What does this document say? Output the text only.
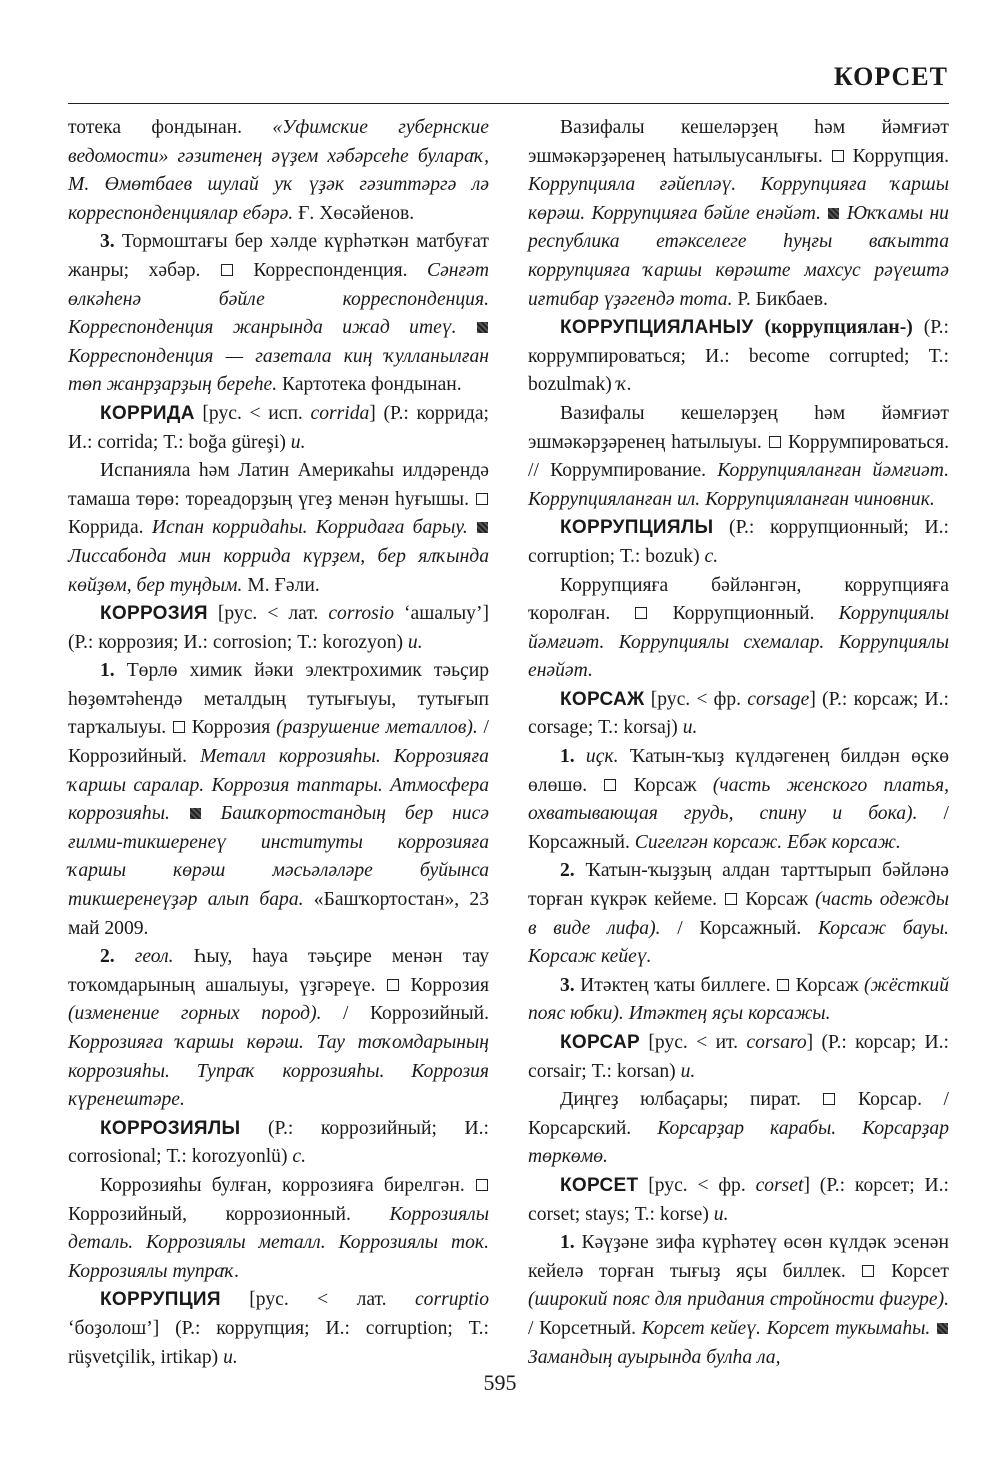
КОРСЕТ

тотека фондынан. «Уфимские губернские ведомости» гәзитенең әүҙем хәбәрсеһе булараҡ, М. Өмөтбаев шулай уҡ үҙәк гәзиттәргә лә корреспонденциялар ебәрә. Ғ. Хөсәйенов.

3. Тормоштағы бер хәлде күрһәткән матбуғат жанры; хәбәр.  Корреспонденция. Сәнғәт өлкәһенә бәйле корреспонденция. Корреспонденция жанрында ижад итеү.  Корреспонденция — газетала киң ҡулланылған төп жанрҙарҙың береһе. Картотека фондынан.

КОРРИДА [рус. < исп. corrida] (Р.: коррида; И.: corrida; Т.: boğa güreşi) и.

Испанияла һәм Латин Америкаһы илдәрендә тамаша төрө: тореадорҙың үгеҙ менән һуғышы.  Коррида. Испан корридаһы. Корридаға барыу.  Лиссабонда мин коррида күрҙем, бер ялҡында көйҙөм, бер туңдым. М. Ғәли.

КОРРОЗИЯ [рус. < лат. corrosio ‘ашалыу’] (Р.: коррозия; И.: corrosion; Т.: korozyon) и.

1. Төрлө химик йәки электрохимик тәьҫир һөҙөмтәһендә металдың тутығыуы, тутығып тарҡалыуы.  Коррозия (разрушение металлов). / Коррозийный. Металл коррозияһы. Коррозияға ҡаршы саралар. Коррозия таптары. Атмосфера коррозияһы.  Башҡортостандың бер нисә ғилми-тикшеренеү институты коррозияға ҡаршы көрәш мәсьәләләре буйынса тикшеренеүҙәр алып бара. «Башҡортостан», 23 май 2009.

2. геол. Һыу, һауа тәьҫире менән тау тоҡомдарының ашалыуы, үҙгәреүе.  Коррозия (изменение горных пород). / Коррозийный. Коррозияға ҡаршы көрәш. Тау тоҡомдарының коррозияһы. Тупраҡ коррозияһы. Коррозия күренештәре.

КОРРОЗИЯЛЫ (Р.: коррозийный; И.: corrosional; Т.: korozyonlü) с.

Коррозияһы булған, коррозияға бирелгән.  Коррозийный, коррозионный. Коррозиялы деталь. Коррозиялы металл. Коррозиялы ток. Коррозиялы тупраҡ.

КОРРУПЦИЯ [рус. < лат. corruptio ‘боҙолош’] (Р.: коррупция; И.: corruption; Т.: rüşvetçilik, irtikap) и.

Вазифалы кешеләрҙең һәм йәмғиәт эшмәкәрҙәренең һатылыусанлығы.  Коррупция. Коррупцияла ғәйепләү. Коррупцияға ҡаршы көрәш. Коррупцияға бәйле енәйәт.  Юҡҡамы ни республика етәкселеге һуңғы ваҡытта коррупцияға ҡаршы көрәште махсус рәүештә иғтибар үҙәгендә тота. Р. Бикбаев.

КОРРУПЦИЯЛАНЫУ (коррупциялан-) (Р.: коррумпироваться; И.: become corrupted; Т.: bozulmak) ҡ.

Вазифалы кешеләрҙең һәм йәмғиәт эшмәкәрҙәренең һатылыуы.  Коррумпироваться. // Коррумпирование. Коррупцияланған йәмғиәт. Коррупцияланған ил. Коррупцияланған чиновник.

КОРРУПЦИЯЛЫ (Р.: коррупционный; И.: corruption; Т.: bozuk) с.

Коррупцияға бәйләнгән, коррупцияға ҡоролған.  Коррупционный. Коррупциялы йәмғиәт. Коррупциялы схемалар. Коррупциялы енәйәт.

КОРСАЖ [рус. < фр. corsage] (Р.: корсаж; И.: corsage; Т.: korsaj) и.

1. иҫк. Ҡатын-ҡыҙ күлдәгенең билдән өҫкө өлөшө.  Корсаж (часть женского платья, охватывающая грудь, спину и бока). / Корсажный. Сигелгән корсаж. Ебәк корсаж.

2. Ҡатын-ҡыҙҙың алдан тарттырып бәйләнә торған күкрәк кейеме.  Корсаж (часть одежды в виде лифа). / Корсажный. Корсаж бауы. Корсаж кейеү.

3. Итәктең ҡаты биллеге.  Корсаж (жёсткий пояс юбки). Итәктең яҫы корсажы.

КОРСАР [рус. < ит. corsaro] (Р.: корсар; И.: corsair; Т.: korsan) и.

Диңгеҙ юлбаҫары; пират.  Корсар. / Корсарский. Корсарҙар карабы. Корсарҙар төркөмө.

КОРСЕТ [рус. < фр. corset] (Р.: корсет; И.: corset; stays; Т.: korse) и.

1. Кәүҙәне зифа күрһәтеү өсөн күлдәк эсенән кейелә торған тығыҙ яҫы биллек.  Корсет (широкий пояс для придания стройности фигуре). / Корсетный. Корсет кейеү. Корсет тукымаһы.  Замандың ауырында булһа ла,

595
